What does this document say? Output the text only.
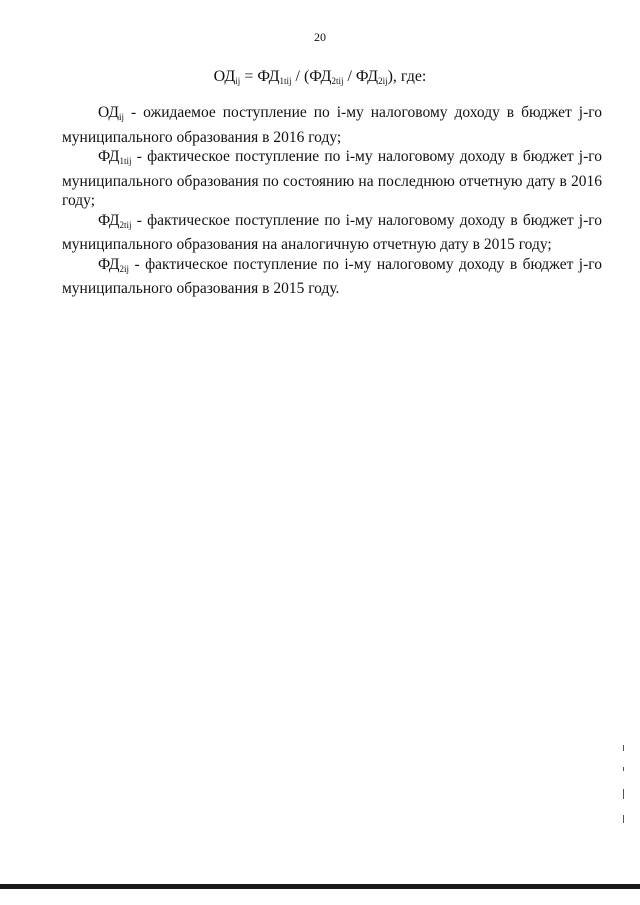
20
$ОД_{ij} = ФД_{1tij} / (ФД_{2tij} / ФД_{2ij})$, где:

$ОД_{ij}$ - ожидаемое поступление по i-му налоговому доходу в бюджет j-го муниципального образования в 2016 году;

$ФД_{1tij}$ - фактическое поступление по i-му налоговому доходу в бюджет j-го муниципального образования по состоянию на последнюю отчетную дату в 2016 году;

$ФД_{2tij}$ - фактическое поступление по i-му налоговому доходу в бюджет j-го муниципального образования на аналогичную отчетную дату в 2015 году;

$ФД_{2ij}$ - фактическое поступление по i-му налоговому доходу в бюджет j-го муниципального образования в 2015 году.
